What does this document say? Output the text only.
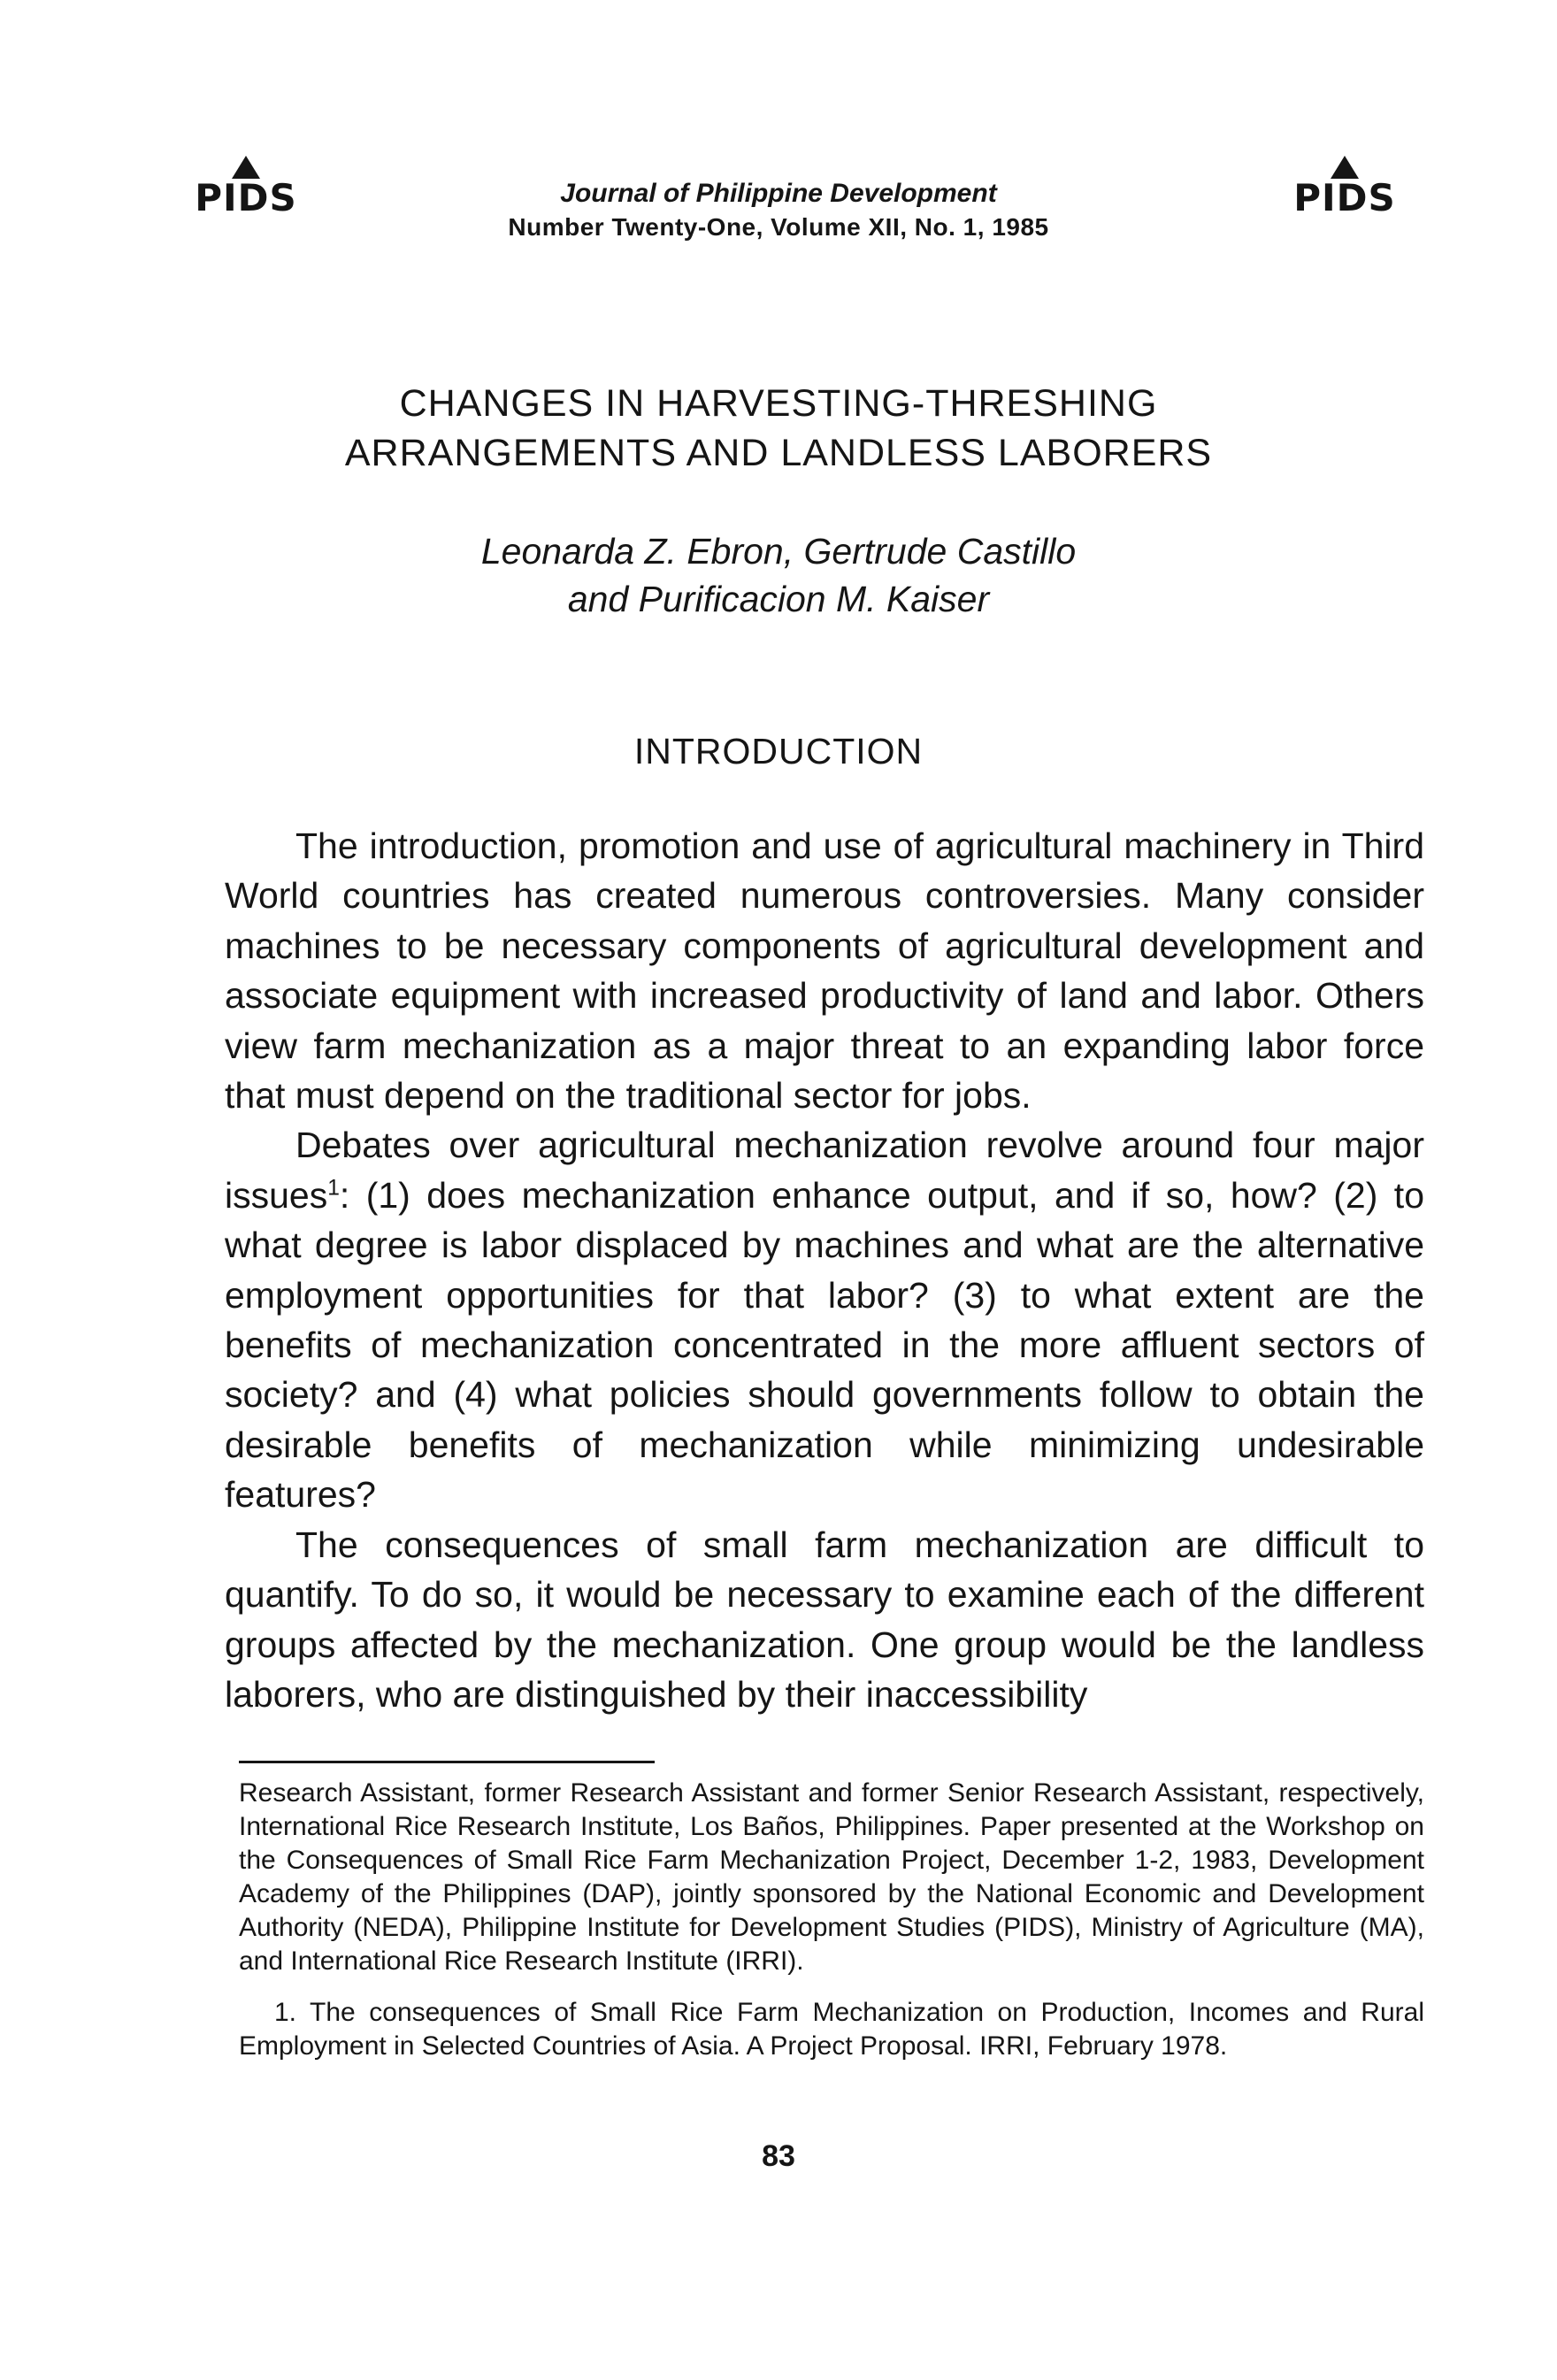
PIDS	PIDS
Journal of Philippine Development
Number Twenty-One, Volume XII, No. 1, 1985
CHANGES IN HARVESTING-THRESHING
ARRANGEMENTS AND LANDLESS LABORERS
Leonarda Z. Ebron, Gertrude Castillo
and Purificacion M. Kaiser
INTRODUCTION

The introduction, promotion and use of agricultural machinery in Third World countries has created numerous controversies. Many consider machines to be necessary components of agricultural development and associate equipment with increased productivity of land and labor. Others view farm mechanization as a major threat to an expanding labor force that must depend on the traditional sector for jobs.

Debates over agricultural mechanization revolve around four major issues$^1$: (1) does mechanization enhance output, and if so, how? (2) to what degree is labor displaced by machines and what are the alternative employment opportunities for that labor? (3) to what extent are the benefits of mechanization concentrated in the more affluent sectors of society? and (4) what policies should governments follow to obtain the desirable benefits of mechanization while minimizing undesirable features?

The consequences of small farm mechanization are difficult to quantify. To do so, it would be necessary to examine each of the different groups affected by the mechanization. One group would be the landless laborers, who are distinguished by their inaccessibility

Research Assistant, former Research Assistant and former Senior Research Assistant, respectively, International Rice Research Institute, Los Baños, Philippines. Paper presented at the Workshop on the Consequences of Small Rice Farm Mechanization Project, December 1-2, 1983, Development Academy of the Philippines (DAP), jointly sponsored by the National Economic and Development Authority (NEDA), Philippine Institute for Development Studies (PIDS), Ministry of Agriculture (MA), and International Rice Research Institute (IRRI).

1. The consequences of Small Rice Farm Mechanization on Production, Incomes and Rural Employment in Selected Countries of Asia. A Project Proposal. IRRI, February 1978.

83
